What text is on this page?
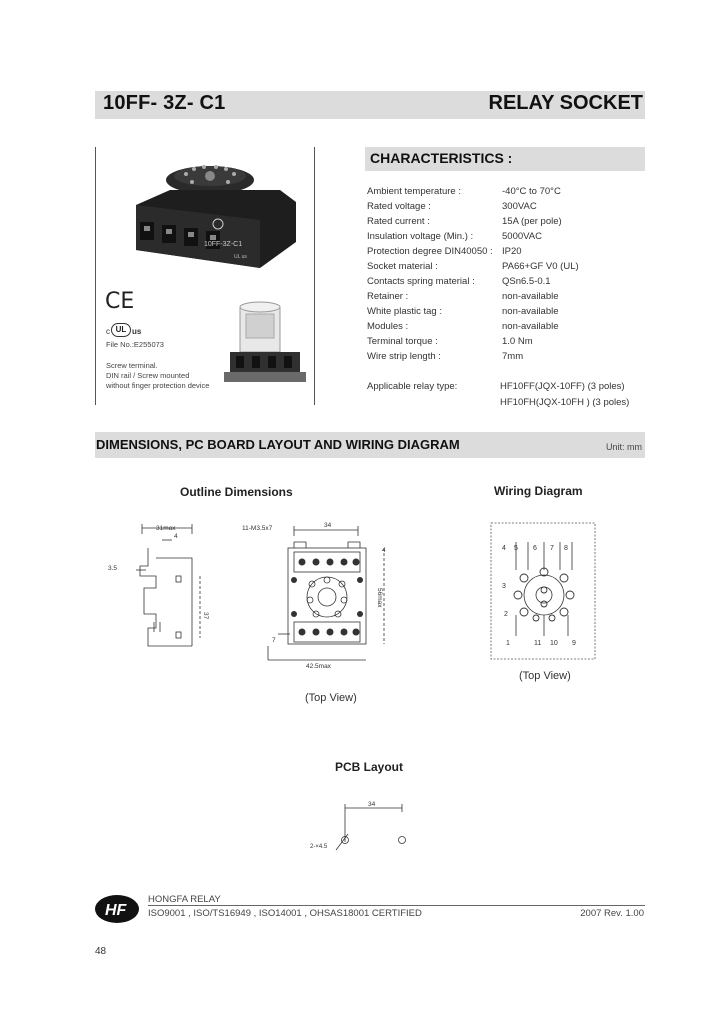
10FF- 3Z- C1	RELAY SOCKET
10FF-3Z-C1
UL us
CE
c UL us
File No.:E255073
Screw terminal.
DIN rail / Screw mounted
without finger protection device
CHARACTERISTICS :
Ambient temperature :	-40°C to 70°C
Rated voltage :	300VAC
Rated current :	15A (per pole)
Insulation voltage (Min.) :	5000VAC
Protection degree DIN40050 : IP20
Socket material :	PA66+GF V0 (UL)
Contacts spring material :	QSn6.5-0.1
Retainer :	non-available
White plastic tag :	non-available
Modules :	non-available
Terminal torque :	1.0 Nm
Wire strip length :	7mm
Applicable relay type:	HF10FF(JQX-10FF) (3 poles)
HF10FH(JQX-10FH ) (3 poles)
DIMENSIONS, PC BOARD LAYOUT AND WIRING DIAGRAM	Unit: mm
Outline Dimensions	Wiring Diagram
31max
4
3.5
37
11-M3.5x7	34
4
56max
7
42.5max
(Top View)
4 5 6 7 8
3
2
1	11 10 9
(Top View)
PCB Layout
34
2-×4.5
HF
HONGFA RELAY
ISO9001 , ISO/TS16949 , ISO14001 , OHSAS18001 CERTIFIED	2007 Rev. 1.00
48
